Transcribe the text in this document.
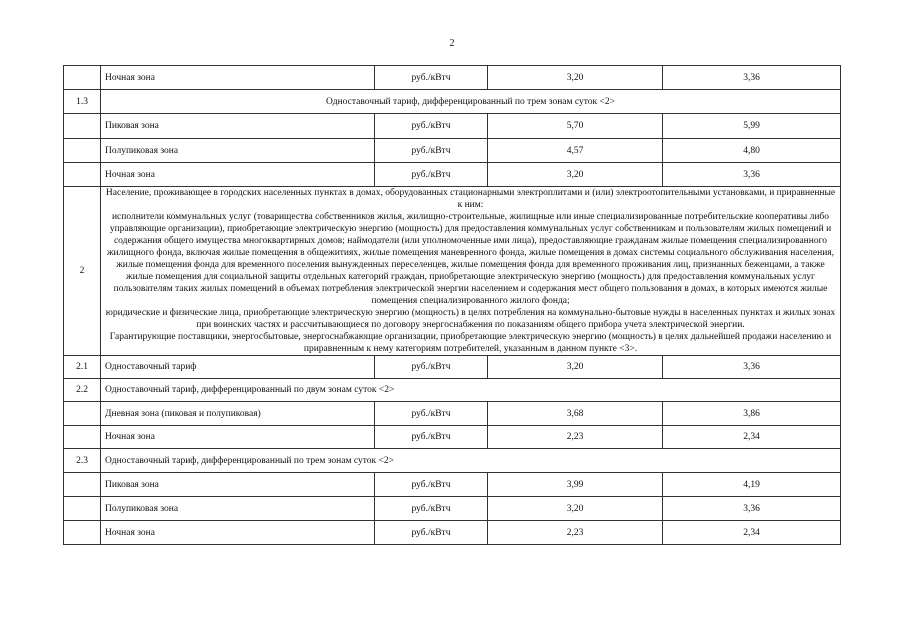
2
	Ночная зона	руб./кВтч	3,20	3,36
1.3	Одноставочный тариф, дифференцированный по трем зонам суток <2>			
	Пиковая зона	руб./кВтч	5,70	5,99
	Полупиковая зона	руб./кВтч	4,57	4,80
	Ночная зона	руб./кВтч	3,20	3,36
2	Население, проживающее в городских населенных пунктах в домах, оборудованных стационарными электроплитами и (или) электроотопительными установками, и приравненные к ним:

исполнители коммунальных услуг (товарищества собственников жилья, жилищно-строительные, жилищные или иные специализированные потребительские кооперативы либо управляющие организации), приобретающие электрическую энергию (мощность) для предоставления коммунальных услуг собственникам и пользователям жилых помещений и содержания общего имущества многоквартирных домов; наймодатели (или уполномоченные ими лица), предоставляющие гражданам жилые помещения специализированного жилищного фонда, включая жилые помещения в общежитиях, жилые помещения маневренного фонда, жилые помещения в домах системы социального обслуживания населения, жилые помещения фонда для временного поселения вынужденных переселенцев, жилые помещения фонда для временного проживания лиц, признанных беженцами, а также жилые помещения для социальной защиты отдельных категорий граждан, приобретающие электрическую энергию (мощность) для предоставления коммунальных услуг пользователям таких жилых помещений в объемах потребления электрической энергии населением и содержания мест общего пользования в домах, в которых имеются жилые помещения специализированного жилого фонда;

юридические и физические лица, приобретающие электрическую энергию (мощность) в целях потребления на коммунально-бытовые нужды в населенных пунктах и жилых зонах при воинских частях и рассчитывающиеся по договору энергоснабжения по показаниям общего прибора учета электрической энергии.

Гарантирующие поставщики, энергосбытовые, энергоснабжающие организации, приобретающие электрическую энергию (мощность) в целях дальнейшей продажи населению и приравненным к нему категориям потребителей, указанным в данном пункте <3>.			

2.1	Одноставочный тариф	руб./кВтч	3,20	3,36
2.2	Одноставочный тариф, дифференцированный по двум зонам суток <2>			
	Дневная зона (пиковая и полупиковая)	руб./кВтч	3,68	3,86
	Ночная зона	руб./кВтч	2,23	2,34
2.3	Одноставочный тариф, дифференцированный по трем зонам суток <2>			
	Пиковая зона	руб./кВтч	3,99	4,19
	Полупиковая зона	руб./кВтч	3,20	3,36
	Ночная зона	руб./кВтч	2,23	2,34
